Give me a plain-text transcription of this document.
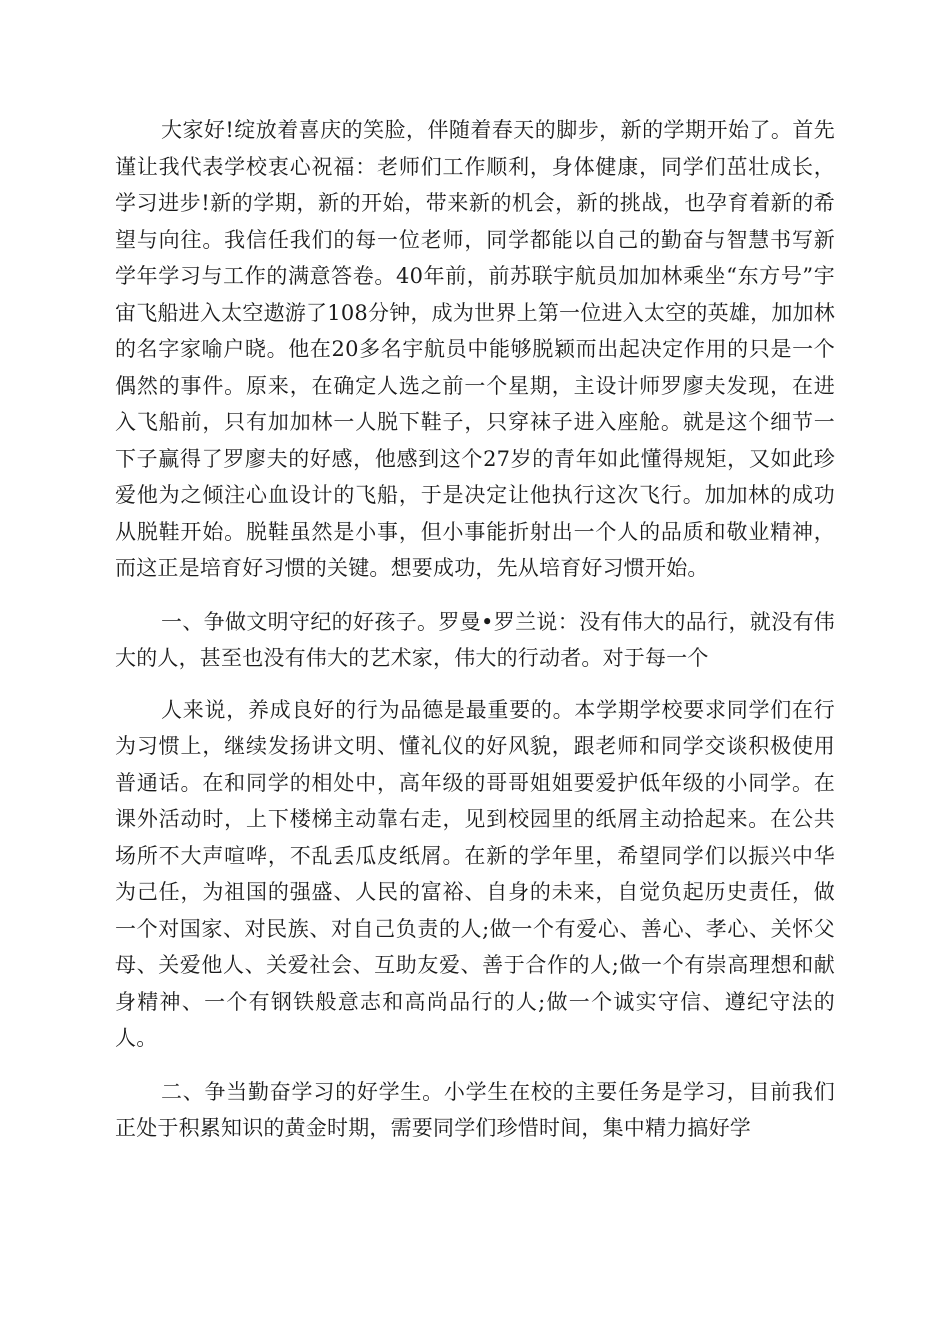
大家好!绽放着喜庆的笑脸，伴随着春天的脚步，新的学期开始了。首先谨让我代表学校衷心祝福：老师们工作顺利，身体健康，同学们茁壮成长，学习进步!新的学期，新的开始，带来新的机会，新的挑战，也孕育着新的希望与向往。我信任我们的每一位老师，同学都能以自己的勤奋与智慧书写新学年学习与工作的满意答卷。40年前，前苏联宇航员加加林乘坐“东方号”宇宙飞船进入太空遨游了108分钟，成为世界上第一位进入太空的英雄，加加林的名字家喻户晓。他在20多名宇航员中能够脱颖而出起决定作用的只是一个偶然的事件。原来，在确定人选之前一个星期，主设计师罗廖夫发现，在进入飞船前，只有加加林一人脱下鞋子，只穿袜子进入座舱。就是这个细节一下子赢得了罗廖夫的好感，他感到这个27岁的青年如此懂得规矩，又如此珍爱他为之倾注心血设计的飞船，于是决定让他执行这次飞行。加加林的成功从脱鞋开始。脱鞋虽然是小事，但小事能折射出一个人的品质和敬业精神，而这正是培育好习惯的关键。想要成功，先从培育好习惯开始。

一、争做文明守纪的好孩子。罗曼•罗兰说：没有伟大的品行，就没有伟大的人，甚至也没有伟大的艺术家，伟大的行动者。对于每一个

人来说，养成良好的行为品德是最重要的。本学期学校要求同学们在行为习惯上，继续发扬讲文明、懂礼仪的好风貌，跟老师和同学交谈积极使用普通话。在和同学的相处中，高年级的哥哥姐姐要爱护低年级的小同学。在课外活动时，上下楼梯主动靠右走，见到校园里的纸屑主动拾起来。在公共场所不大声喧哗，不乱丢瓜皮纸屑。在新的学年里，希望同学们以振兴中华为己任，为祖国的强盛、人民的富裕、自身的未来，自觉负起历史责任，做一个对国家、对民族、对自己负责的人;做一个有爱心、善心、孝心、关怀父母、关爱他人、关爱社会、互助友爱、善于合作的人;做一个有崇高理想和献身精神、一个有钢铁般意志和高尚品行的人;做一个诚实守信、遵纪守法的人。

二、争当勤奋学习的好学生。小学生在校的主要任务是学习，目前我们正处于积累知识的黄金时期，需要同学们珍惜时间，集中精力搞好学
